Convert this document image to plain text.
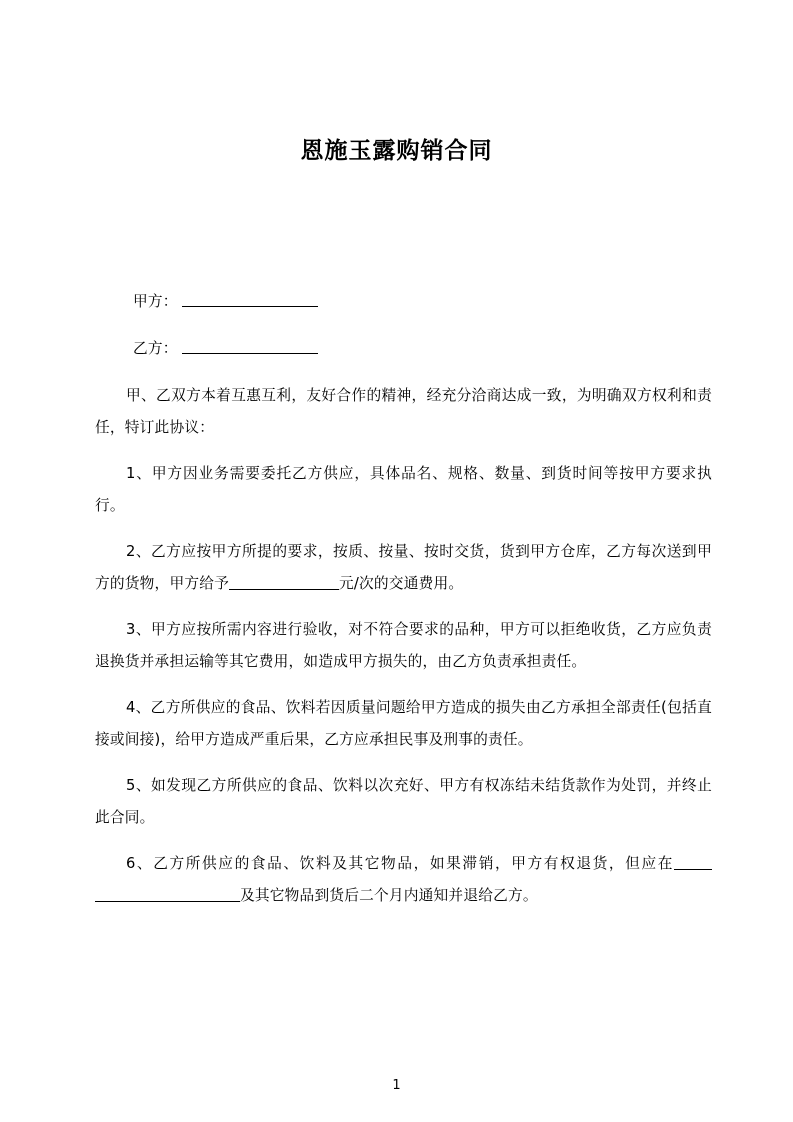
恩施玉露购销合同

甲方：

乙方：

甲、乙双方本着互惠互利，友好合作的精神，经充分洽商达成一致，为明确双方权利和责任，特订此协议：

1、甲方因业务需要委托乙方供应，具体品名、规格、数量、到货时间等按甲方要求执行。

2、乙方应按甲方所提的要求，按质、按量、按时交货，货到甲方仓库，乙方每次送到甲方的货物，甲方给予	元/次的交通费用。

3、甲方应按所需内容进行验收，对不符合要求的品种，甲方可以拒绝收货，乙方应负责退换货并承担运输等其它费用，如造成甲方损失的，由乙方负责承担责任。

4、乙方所供应的食品、饮料若因质量问题给甲方造成的损失由乙方承担全部责任(包括直接或间接)，给甲方造成严重后果，乙方应承担民事及刑事的责任。

5、如发现乙方所供应的食品、饮料以次充好、甲方有权冻结未结货款作为处罚，并终止此合同。

6、乙方所供应的食品、饮料及其它物品，如果滞销，甲方有权退货，但应在及其它物品到货后二个月内通知并退给乙方。

1
